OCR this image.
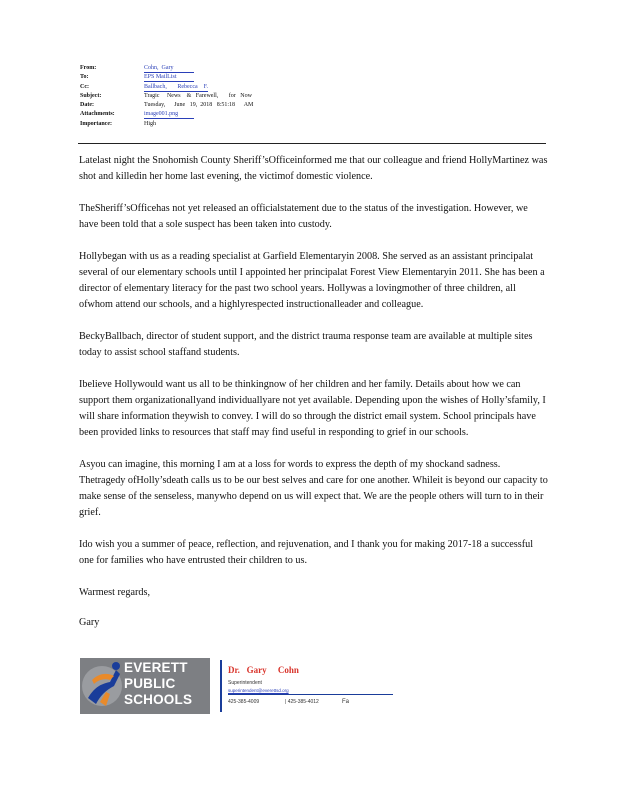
From:	Cohn,  Gary
To:	EPS MailList
Cc:	Ballbach,       Rebecca    F.
Subject:	Tragic     News    &   Farewell,       for   Now
Date:	Tuesday,      June   19,  2018   8:51:18      AM
Attachments:	image001.png
Importance:	High

Latelast night the Snohomish County Sheriff’sOfficeinformed me that our colleague and friend HollyMartinez was shot and killedin her home last evening, the victimof domestic violence.

TheSheriff’sOfficehas not yet released an officialstatement due to the status of the investigation. However, we have been told that a sole suspect has been taken into custody.

Hollybegan with us as a reading specialist at Garfield Elementaryin 2008. She served as an assistant principalat several of our elementary schools until I appointed her principalat Forest View Elementaryin 2011. She has been a director of elementary literacy for the past two school years. Hollywas a lovingmother of three children, all ofwhom attend our schools, and a highlyrespected instructionalleader and colleague.

BeckyBallbach, director of student support, and the district trauma response team are available at multiple sites today to assist school staffand students.

Ibelieve Hollywould want us all to be thinkingnow of her children and her family. Details about how we can support them organizationallyand individuallyare not yet available. Depending upon the wishes of Holly’sfamily, I will share information theywish to convey. I will do so through the district email system. School principals have been provided links to resources that staff may find useful in responding to grief in our schools.

Asyou can imagine, this morning I am at a loss for words to express the depth of my shockand sadness. Thetragedy ofHolly’sdeath calls us to be our best selves and care for one another. Whileit is beyond our capacity to make sense of the senseless, manywho depend on us will expect that. We are the people others will turn to in their grief.

Ido wish you a summer of peace, reflection, and rejuvenation, and I thank you for making 2017-18 a successful one for families who have entrusted their children to us.

Warmest regards,

Gary

EVERETT
PUBLIC
SCHOOLS
Dr.   Gary     Cohn
Superintendent
superintendent@everettsd.org
425-385-4009	| 425-385-4012	Fa
